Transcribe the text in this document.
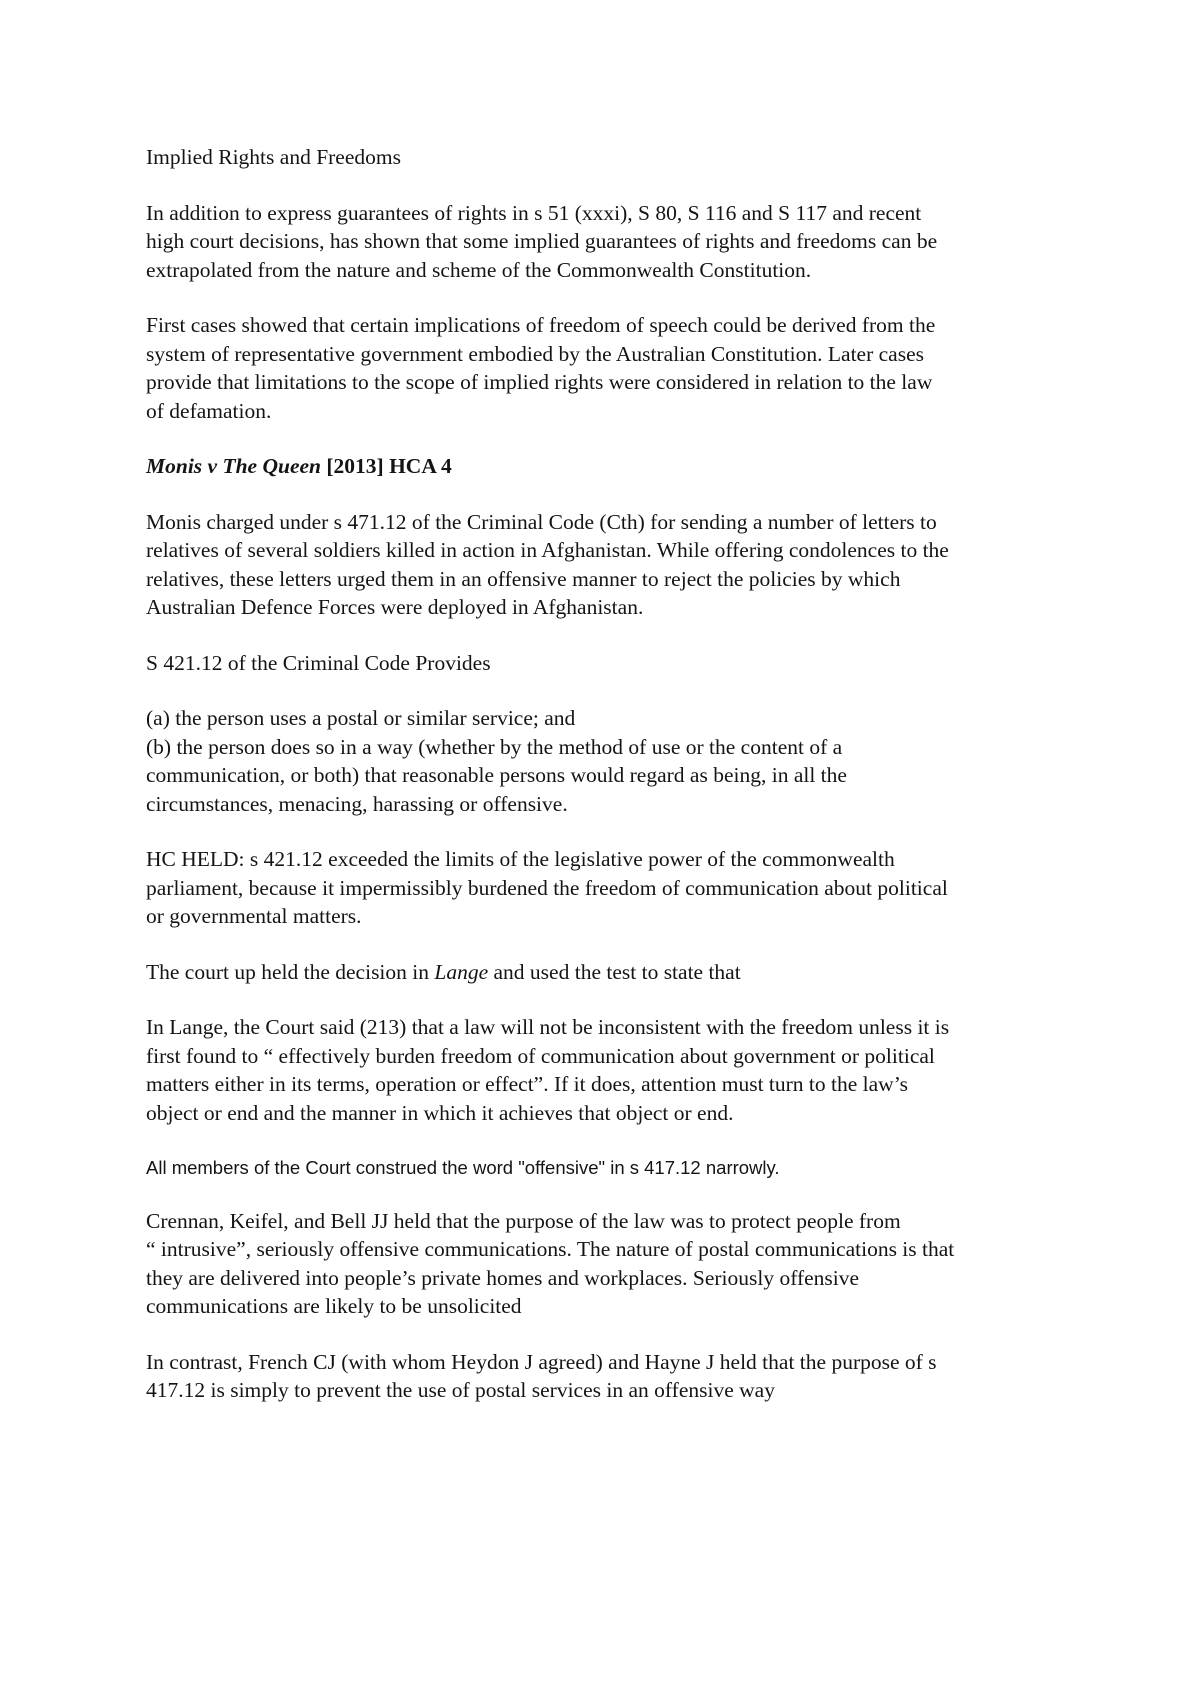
Implied Rights and Freedoms

In addition to express guarantees of rights in s 51 (xxxi), S 80, S 116 and S 117 and recent
high court decisions, has shown that some implied guarantees of rights and freedoms can be
extrapolated from the nature and scheme of the Commonwealth Constitution.

First cases showed that certain implications of freedom of speech could be derived from the
system of representative government embodied by the Australian Constitution. Later cases
provide that limitations to the scope of implied rights were considered in relation to the law
of defamation.

Monis v The Queen [2013] HCA 4

Monis charged under s 471.12 of the Criminal Code (Cth) for sending a number of letters to
relatives of several soldiers killed in action in Afghanistan. While offering condolences to the
relatives, these letters urged them in an offensive manner to reject the policies by which
Australian Defence Forces were deployed in Afghanistan.

S 421.12 of the Criminal Code Provides

(a) the person uses a postal or similar service; and
(b) the person does so in a way (whether by the method of use or the content of a
communication, or both) that reasonable persons would regard as being, in all the
circumstances, menacing, harassing or offensive.

HC HELD: s 421.12 exceeded the limits of the legislative power of the commonwealth
parliament, because it impermissibly burdened the freedom of communication about political
or governmental matters.

The court up held the decision in Lange and used the test to state that

In Lange, the Court said (213) that a law will not be inconsistent with the freedom unless it is
first found to “ effectively burden freedom of communication about government or political
matters either in its terms, operation or effect”. If it does, attention must turn to the law’s
object or end and the manner in which it achieves that object or end.

All members of the Court construed the word "offensive" in s 417.12 narrowly.

Crennan, Keifel, and Bell JJ held that the purpose of the law was to protect people from
“ intrusive”, seriously offensive communications. The nature of postal communications is that
they are delivered into people’s private homes and workplaces. Seriously offensive
communications are likely to be unsolicited

In contrast, French CJ (with whom Heydon J agreed) and Hayne J held that the purpose of s
417.12 is simply to prevent the use of postal services in an offensive way
